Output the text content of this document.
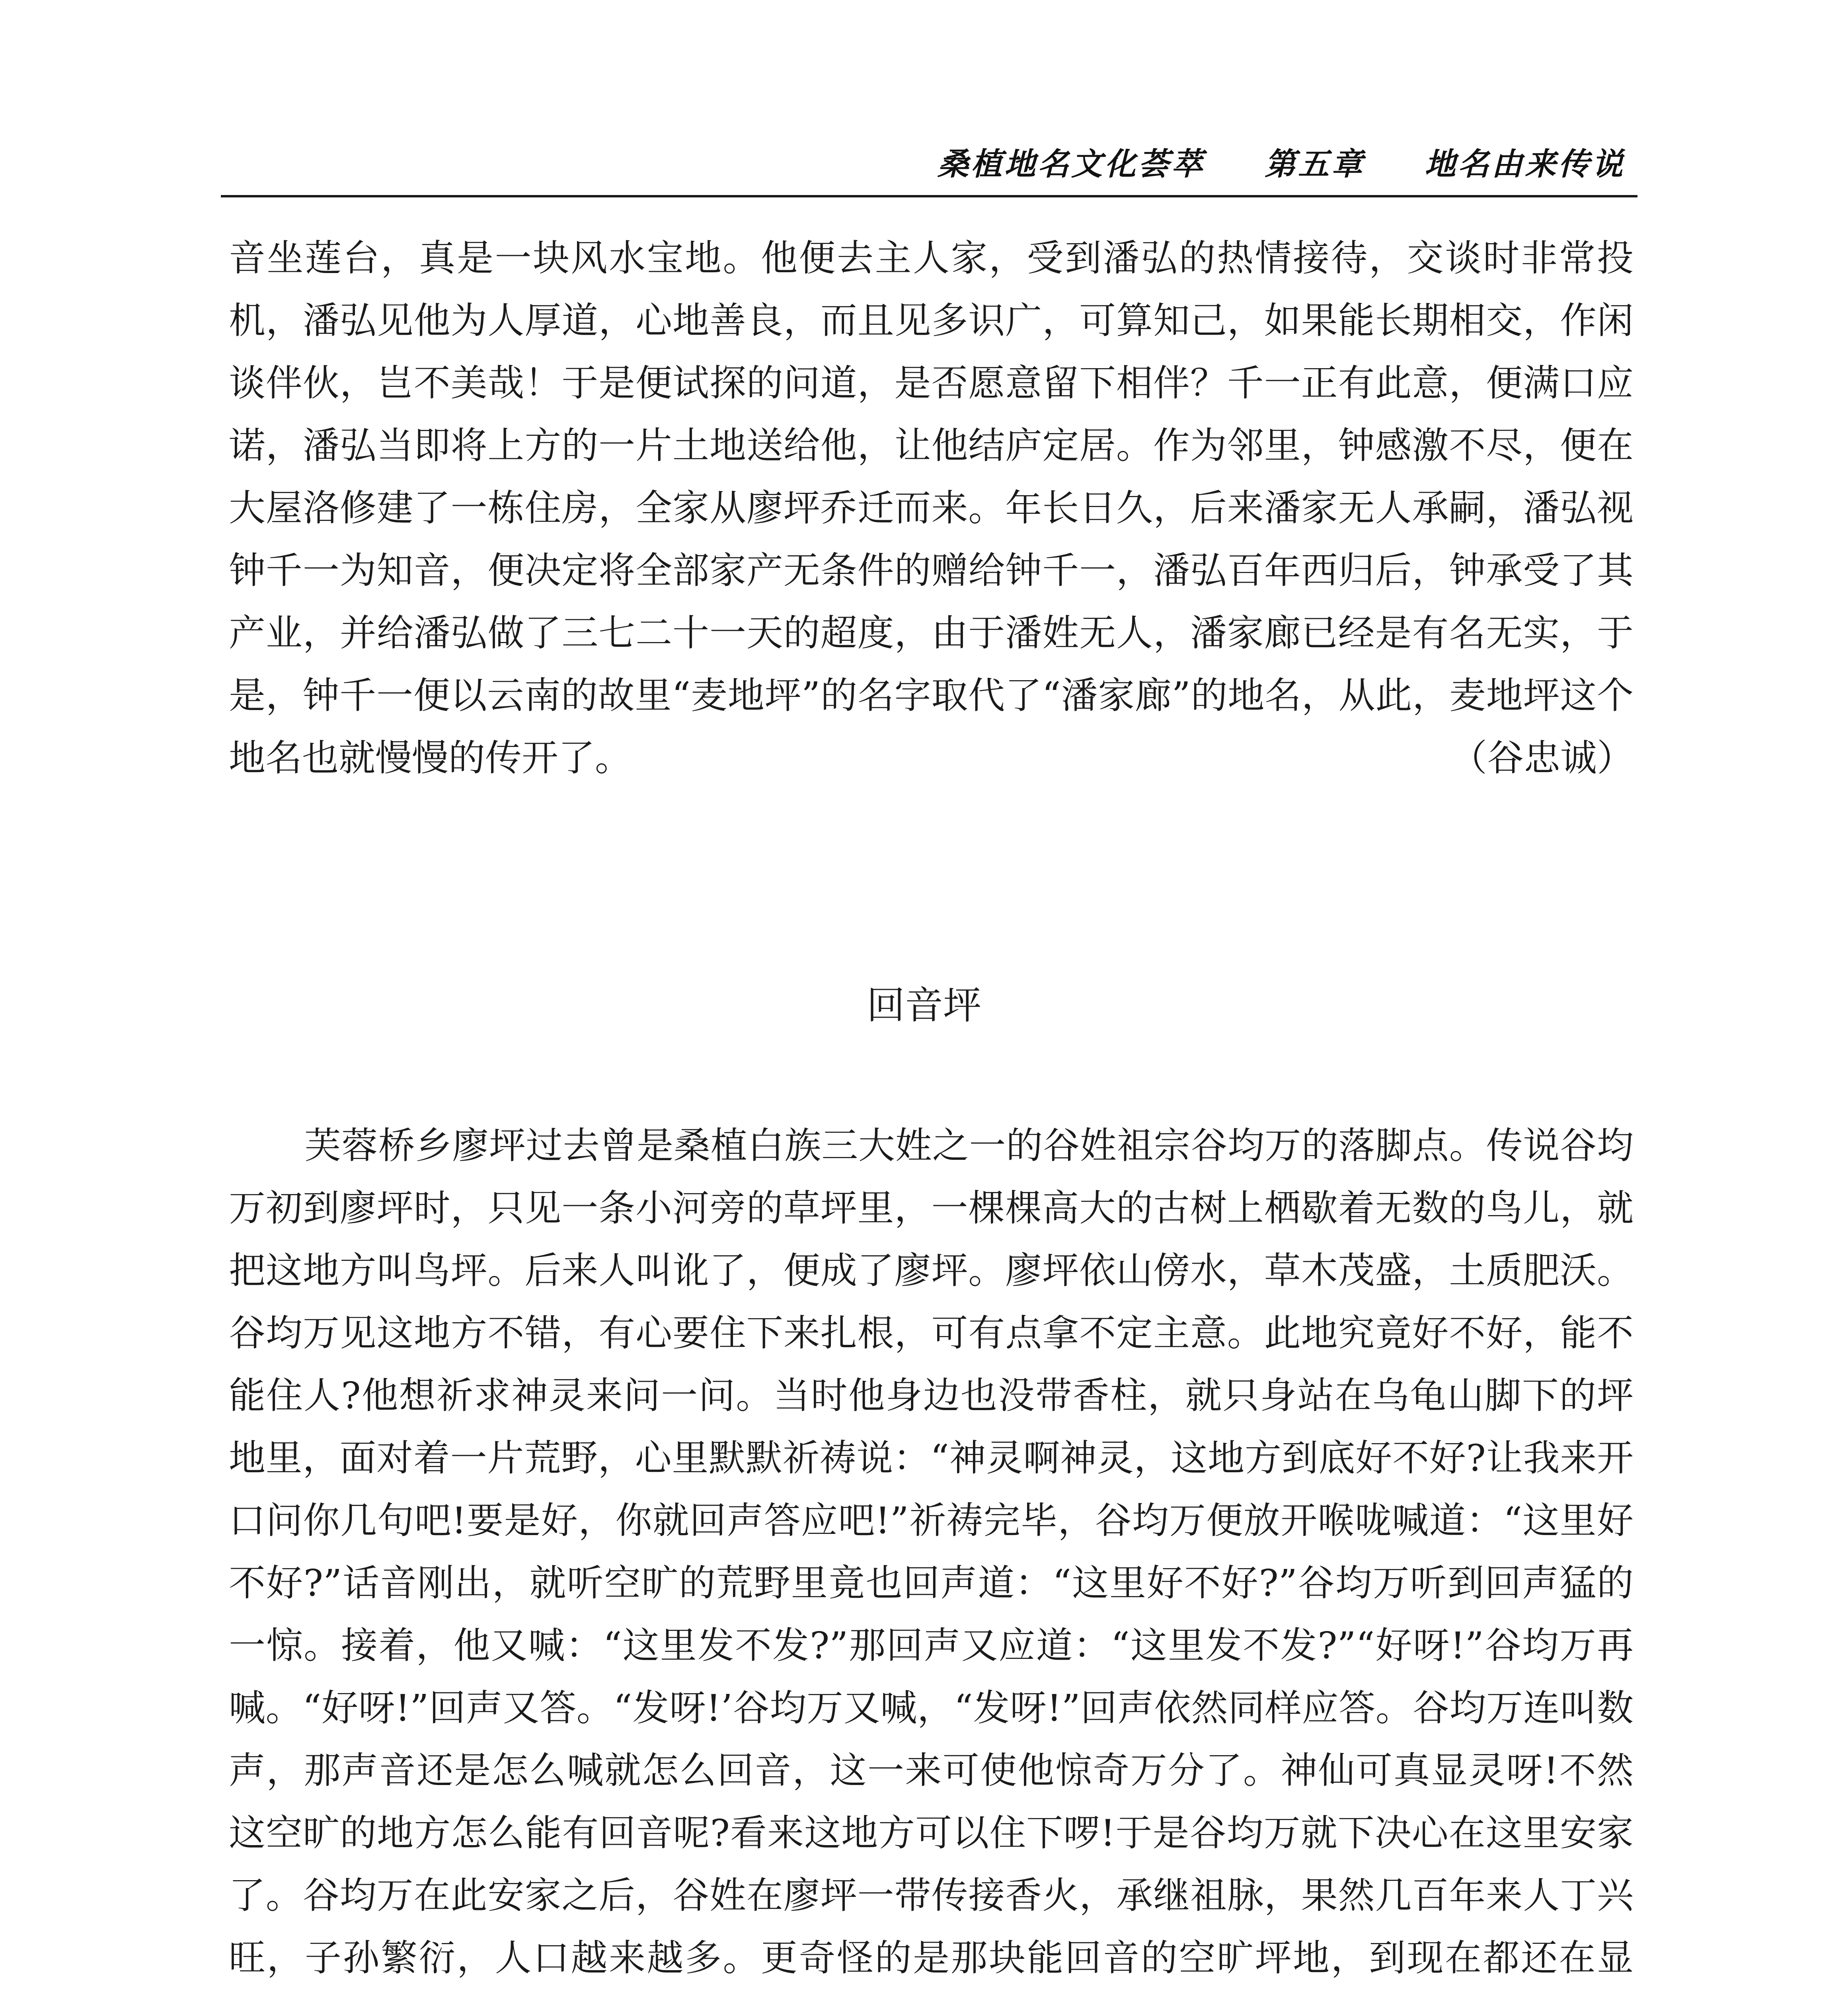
桑植地名文化荟萃 第五章 地名由来传说

音坐莲台，真是一块风水宝地。他便去主人家，受到潘弘的热情接待，交谈时非常投机，潘弘见他为人厚道，心地善良，而且见多识广，可算知己，如果能长期相交，作闲谈伴伙，岂不美哉！于是便试探的问道，是否愿意留下相伴？千一正有此意，便满口应诺，潘弘当即将上方的一片土地送给他，让他结庐定居。作为邻里，钟感激不尽，便在大屋洛修建了一栋住房，全家从廖坪乔迁而来。年长日久，后来潘家无人承嗣，潘弘视钟千一为知音，便决定将全部家产无条件的赠给钟千一，潘弘百年西归后，钟承受了其产业，并给潘弘做了三七二十一天的超度，由于潘姓无人，潘家廊已经是有名无实，于是，钟千一便以云南的故里“麦地坪”的名字取代了“潘家廊”的地名，从此，麦地坪这个地名也就慢慢的传开了。	（谷忠诚）

回音坪

芙蓉桥乡廖坪过去曾是桑植白族三大姓之一的谷姓祖宗谷均万的落脚点。传说谷均万初到廖坪时，只见一条小河旁的草坪里，一棵棵高大的古树上栖歇着无数的鸟儿，就把这地方叫鸟坪。后来人叫讹了，便成了廖坪。廖坪依山傍水，草木茂盛，土质肥沃。谷均万见这地方不错，有心要住下来扎根，可有点拿不定主意。此地究竟好不好，能不能住人?他想祈求神灵来问一问。当时他身边也没带香柱，就只身站在乌龟山脚下的坪地里，面对着一片荒野，心里默默祈祷说：“神灵啊神灵，这地方到底好不好?让我来开口问你几句吧!要是好，你就回声答应吧!”祈祷完毕，谷均万便放开喉咙喊道：“这里好不好?”话音刚出，就听空旷的荒野里竟也回声道：“这里好不好?”谷均万听到回声猛的一惊。接着，他又喊：“这里发不发?”那回声又应道：“这里发不发?”“好呀!”谷均万再喊。“好呀!”回声又答。“发呀!’谷均万又喊，“发呀!”回声依然同样应答。谷均万连叫数声，那声音还是怎么喊就怎么回音，这一来可使他惊奇万分了。神仙可真显灵呀!不然这空旷的地方怎么能有回音呢?看来这地方可以住下啰!于是谷均万就下决心在这里安家了。谷均万在此安家之后，谷姓在廖坪一带传接香火，承继祖脉，果然几百年来人丁兴旺，子孙繁衍，人口越来越多。更奇怪的是那块能回音的空旷坪地，到现在都还在显
